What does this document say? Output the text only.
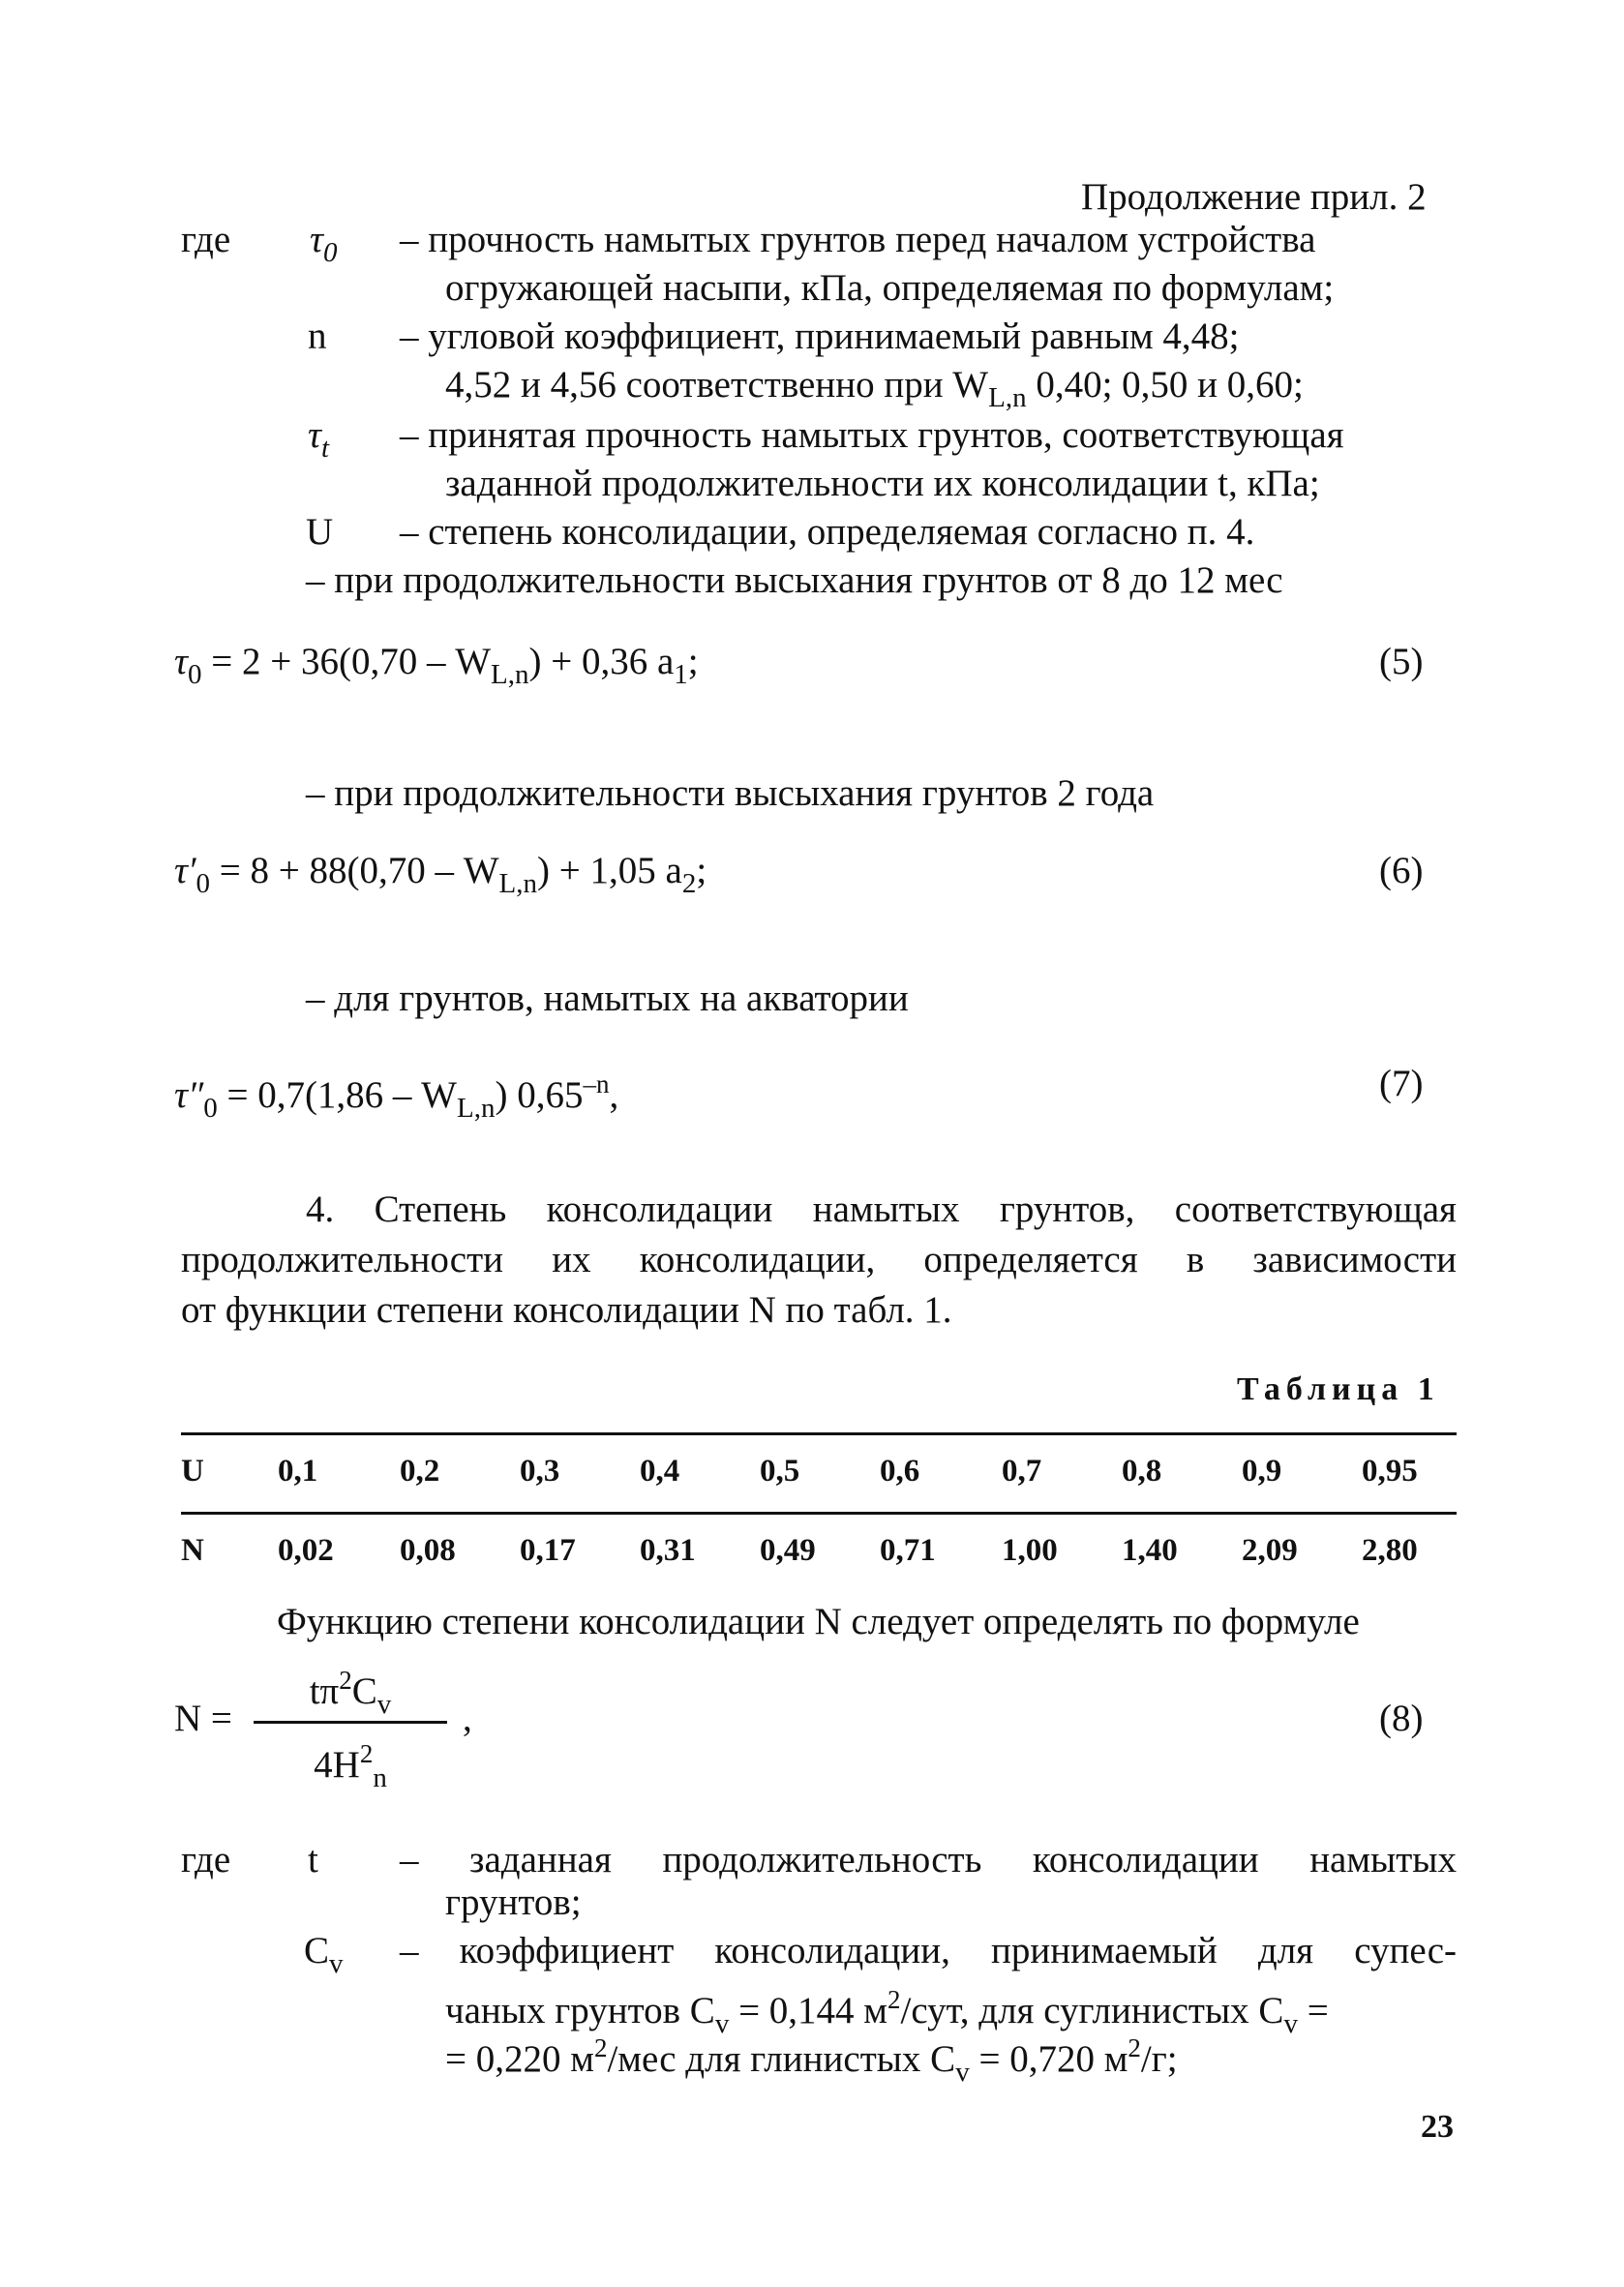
Продолжение прил. 2
где $\tau_0$ – прочность намытых грунтов перед началом устройства
огружающей насыпи, кПа, определяемая по формулам;
n – угловой коэффициент, принимаемый равным 4,48;
4,52 и 4,56 соответственно при $W_{L,n}$ 0,40; 0,50 и 0,60;
$\tau_t$ – принятая прочность намытых грунтов, соответствующая
заданной продолжительности их консолидации t, кПа;
U – степень консолидации, определяемая согласно п. 4.
– при продолжительности высыхания грунтов от 8 до 12 мес
$\tau_0 = 2 + 36(0,70 - W_{L,n}) + 0,36$ $a_1$;	(5)
– при продолжительности высыхания грунтов 2 года
$\tau'_0 = 8 + 88(0,70 - W_{L,n}) + 1,05$ $a_2$;	(6)
– для грунтов, намытых на акватории
$\tau''_0 = 0,7(1,86 - W_{L,n})$ $0,65^{-n}$,	(7)
4. Степень консолидации намытых грунтов, соответствующая
продолжительности их консолидации, определяется в зависимости
от функции степени консолидации N по табл. 1.
Таблица 1
U 0,1	0,2	0,3	0,4	0,5	0,6	0,7	0,8	0,9	0,95
N 0,02 0,08 0,17 0,31 0,49 0,71 1,00 1,40 2,09 2,80
Функцию степени консолидации N следует определять по формуле
N =
$t\pi^2C_v$
$4H^2_n$
,	(8)
где t – заданная продолжительность консолидации намытых
грунтов;
$C_v$ – коэффициент консолидации, принимаемый для супес-
чаных грунтов $C_v = 0,144$ $м^2$/сут, для суглинистых $C_v$ =
= 0,220 $м^2$/мес для глинистых $C_v = 0,720$ $м^2/г$;
23
